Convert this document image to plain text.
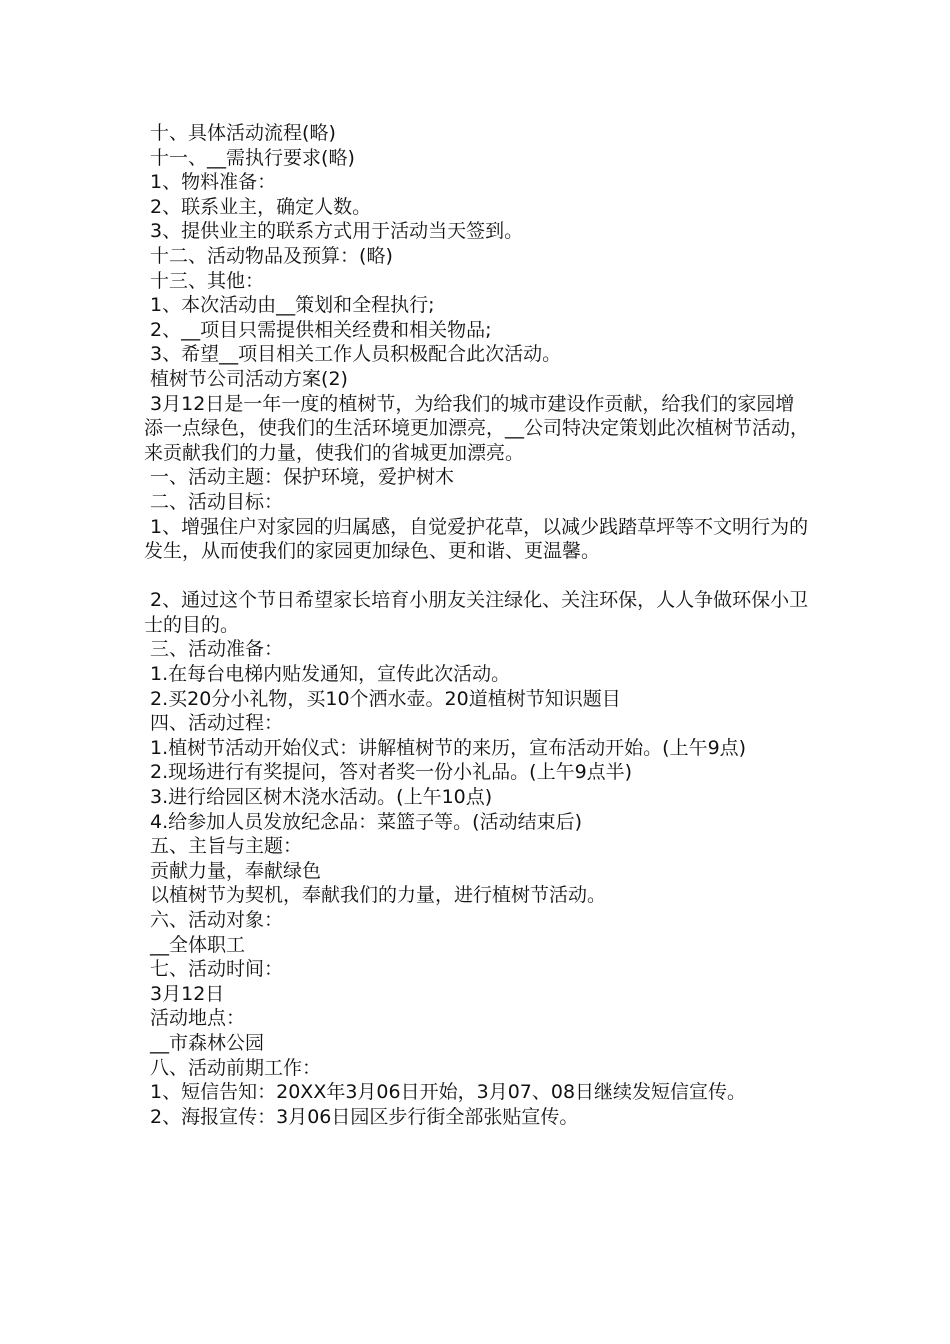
十、具体活动流程(略)

十一、__需执行要求(略)

1、物料准备：

2、联系业主，确定人数。

3、提供业主的联系方式用于活动当天签到。

十二、活动物品及预算：(略)

十三、其他：

1、本次活动由__策划和全程执行;

2、__项目只需提供相关经费和相关物品;

3、希望__项目相关工作人员积极配合此次活动。

植树节公司活动方案(2)

3月12日是一年一度的植树节，为给我们的城市建设作贡献，给我们的家园增添一点绿色，使我们的生活环境更加漂亮，__公司特决定策划此次植树节活动，来贡献我们的力量，使我们的省城更加漂亮。

一、活动主题：保护环境，爱护树木

二、活动目标：

1、增强住户对家园的归属感，自觉爱护花草，以减少践踏草坪等不文明行为的发生，从而使我们的家园更加绿色、更和谐、更温馨。

2、通过这个节日希望家长培育小朋友关注绿化、关注环保，人人争做环保小卫士的目的。

三、活动准备：

1.在每台电梯内贴发通知，宣传此次活动。

2.买20分小礼物，买10个洒水壶。20道植树节知识题目

四、活动过程：

1.植树节活动开始仪式：讲解植树节的来历，宣布活动开始。(上午9点)

2.现场进行有奖提问，答对者奖一份小礼品。(上午9点半)

3.进行给园区树木浇水活动。(上午10点)

4.给参加人员发放纪念品：菜篮子等。(活动结束后)

五、主旨与主题：

贡献力量，奉献绿色

以植树节为契机，奉献我们的力量，进行植树节活动。

六、活动对象：

__全体职工

七、活动时间：

3月12日

活动地点：

__市森林公园

八、活动前期工作：

1、短信告知：20XX年3月06日开始，3月07、08日继续发短信宣传。

2、海报宣传：3月06日园区步行街全部张贴宣传。
